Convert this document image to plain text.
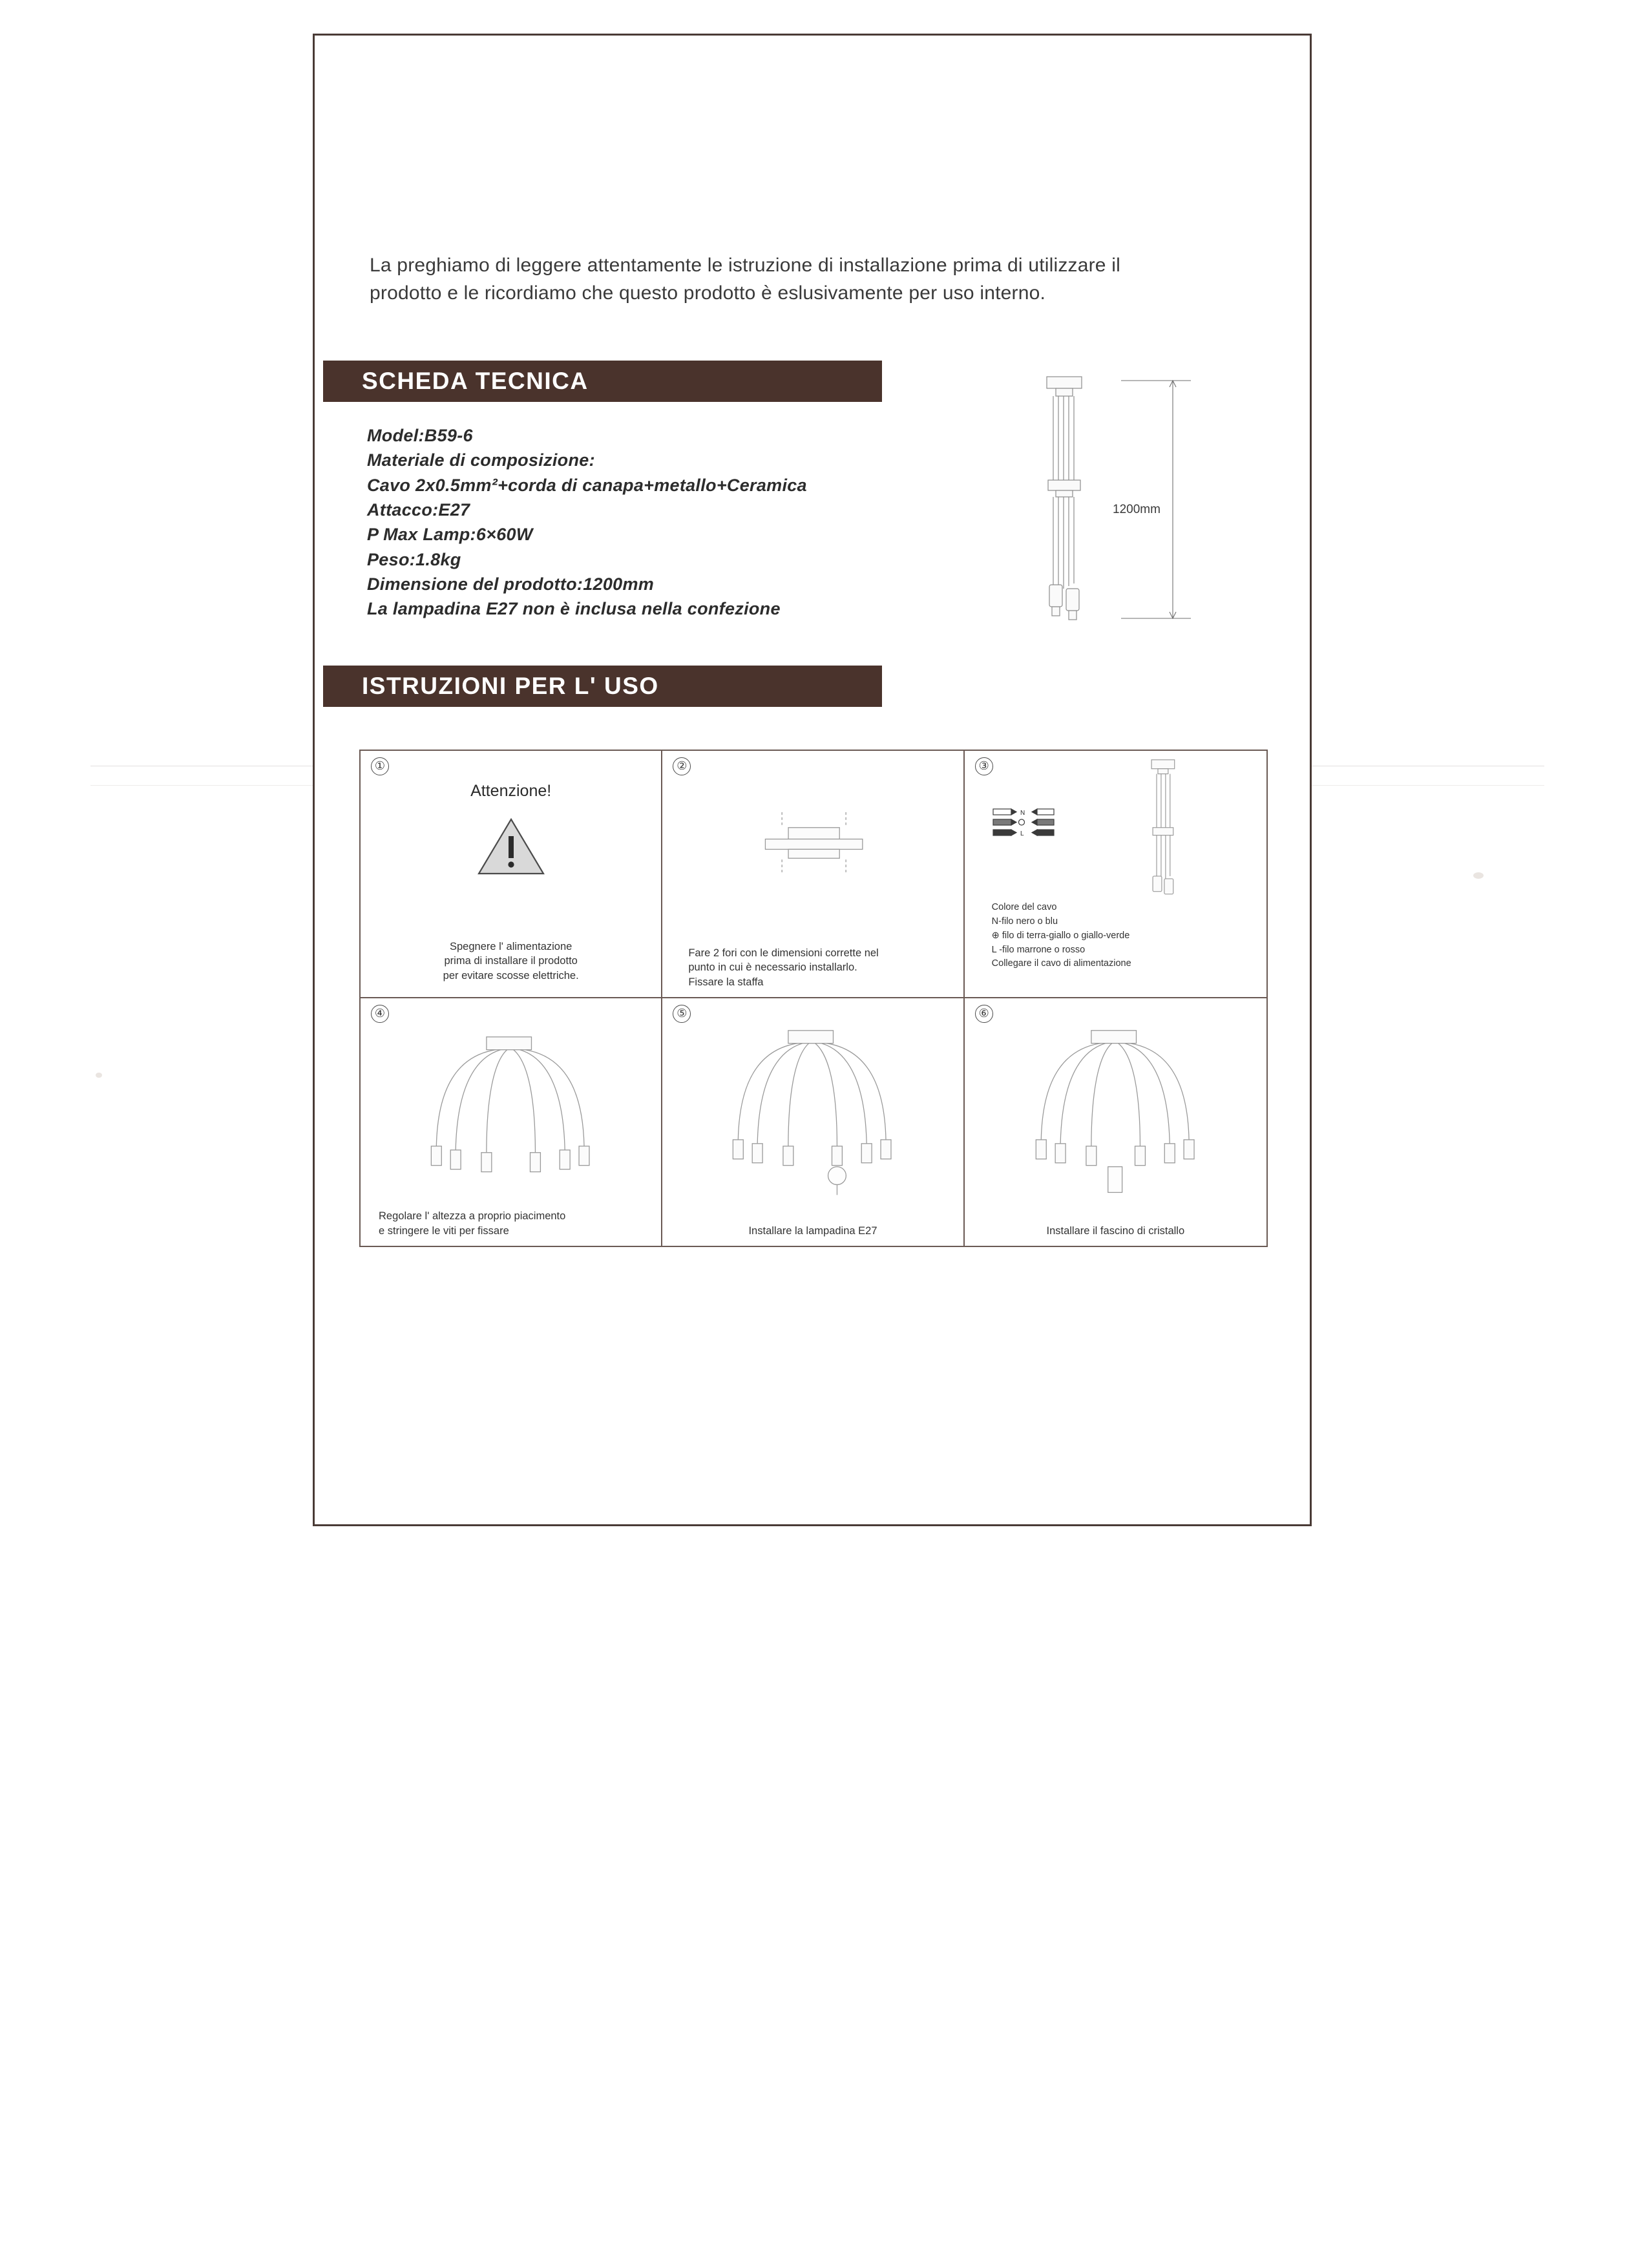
La preghiamo di leggere attentamente le istruzione di installazione prima di utilizzare il prodotto e le ricordiamo che questo prodotto è eslusivamente per uso interno.

SCHEDA TECNICA
Model:B59-6
Materiale di composizione:
Cavo 2x0.5mm²+corda di canapa+metallo+Ceramica
Attacco:E27
P Max Lamp:6×60W
Peso:1.8kg
Dimensione del prodotto:1200mm
La lampadina E27 non è inclusa nella confezione
1200mm
ISTRUZIONI PER L' USO
①
Attenzione!
Spegnere l' alimentazione
prima di installare il prodotto
per evitare scosse elettriche.
②
Fare 2 fori con le dimensioni corrette nel
punto in cui è necessario installarlo.
Fissare la staffa
③
N
L
Colore del cavo
N-filo nero o blu
⊕ filo di terra-giallo o giallo-verde
L -filo marrone o rosso
Collegare il cavo di alimentazione
④
Regolare l' altezza a proprio piacimento
e stringere le viti per fissare
⑤
Installare la lampadina E27
⑥
Installare il fascino di cristallo
